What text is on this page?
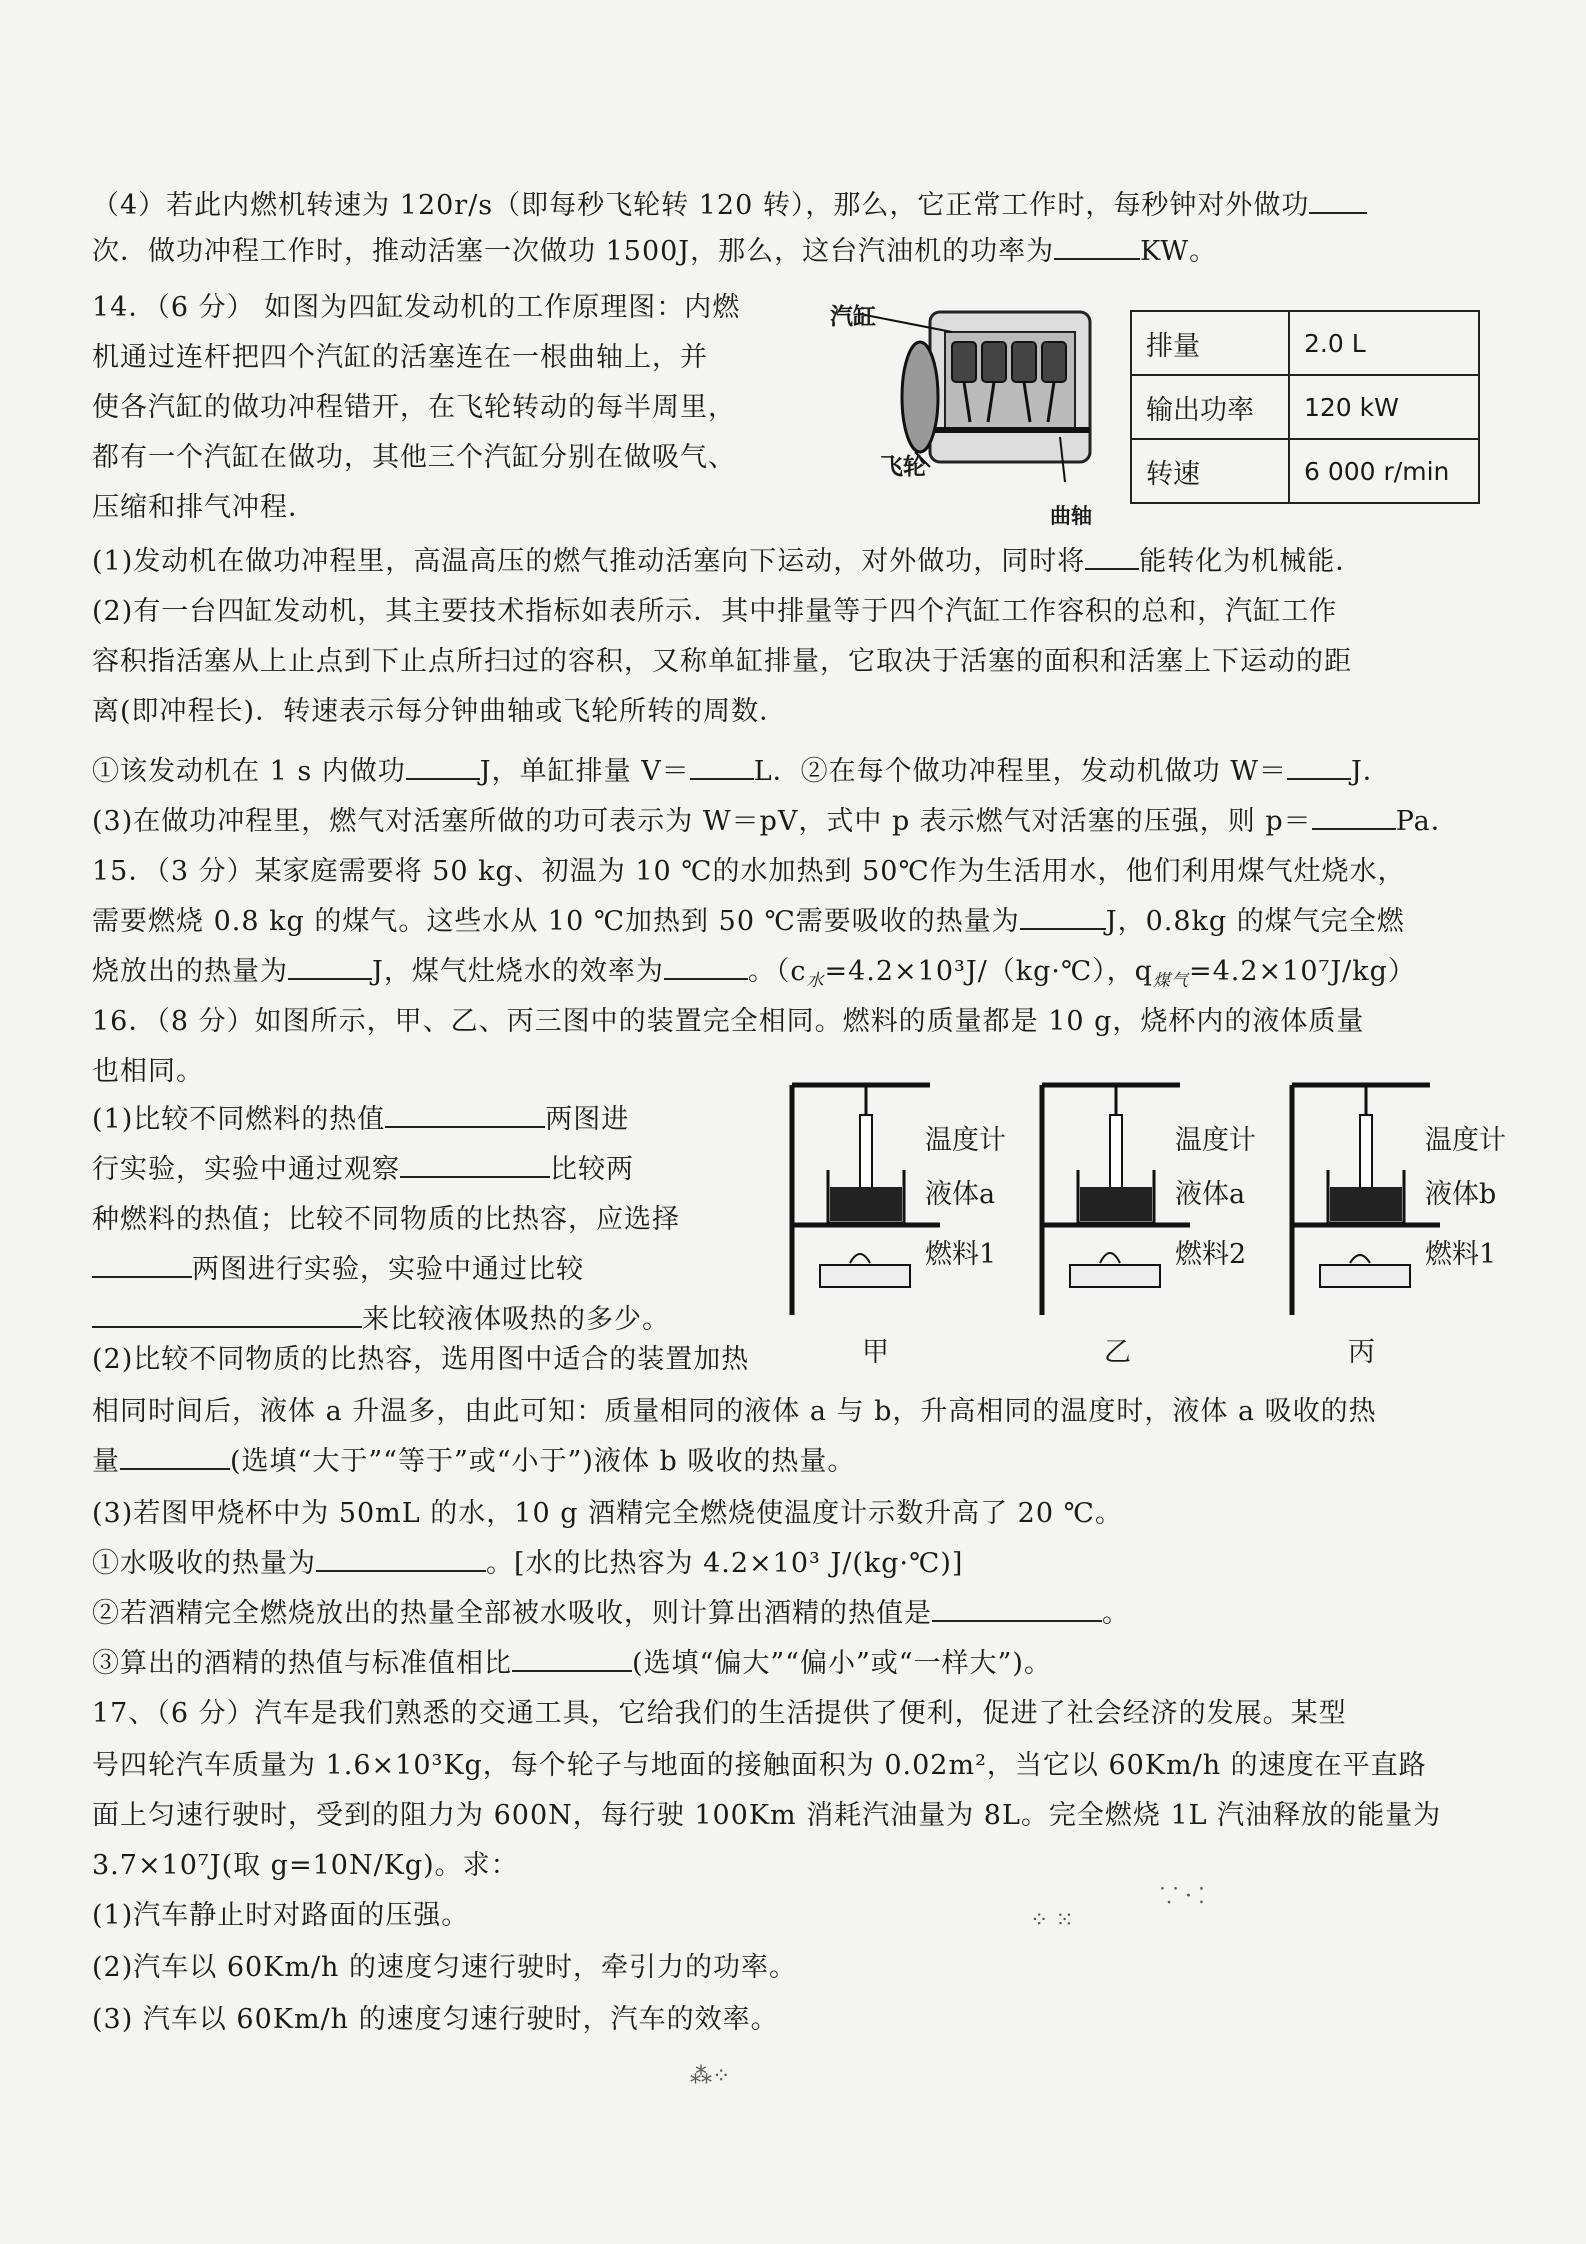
（4）若此内燃机转速为 120r/s（即每秒飞轮转 120 转），那么，它正常工作时，每秒钟对外做功
次．做功冲程工作时，推动活塞一次做功 1500J，那么，这台汽油机的功率为	KW。
14．（6 分） 如图为四缸发动机的工作原理图：内燃
机通过连杆把四个汽缸的活塞连在一根曲轴上，并
使各汽缸的做功冲程错开，在飞轮转动的每半周里，
都有一个汽缸在做功，其他三个汽缸分别在做吸气、
压缩和排气冲程．
汽缸
飞轮
曲轴
排量	2.0 L
输出功率	120 kW
转速	6 000 r/min
(1)发动机在做功冲程里，高温高压的燃气推动活塞向下运动，对外做功，同时将 能转化为机械能．
(2)有一台四缸发动机，其主要技术指标如表所示．其中排量等于四个汽缸工作容积的总和，汽缸工作
容积指活塞从上止点到下止点所扫过的容积，又称单缸排量，它取决于活塞的面积和活塞上下运动的距
离(即冲程长)．转速表示每分钟曲轴或飞轮所转的周数．
①该发动机在 1 s 内做功	J，单缸排量 V＝ L．②在每个做功冲程里，发动机做功 W＝ J．
(3)在做功冲程里，燃气对活塞所做的功可表示为 W＝pV，式中 p 表示燃气对活塞的压强，则 p＝	Pa．
15．（3 分）某家庭需要将 50 kg、初温为 10 ℃的水加热到 50℃作为生活用水，他们利用煤气灶烧水，
需要燃烧 0.8 kg 的煤气。这些水从 10 ℃加热到 50 ℃需要吸收的热量为	J，0.8kg 的煤气完全燃
烧放出的热量为	J，煤气灶烧水的效率为	。（$c_水=4.2\times 10^3J/(kg\cdot℃)$，$q_{煤气}=4.2\times 10^7J/kg$）
16．（8 分）如图所示，甲、乙、丙三图中的装置完全相同。燃料的质量都是 10 g，烧杯内的液体质量
也相同。
(1)比较不同燃料的热值	两图进
行实验，实验中通过观察	比较两
种燃料的热值；比较不同物质的比热容，应选择
两图进行实验，实验中通过比较
来比较液体吸热的多少。
温度计
液体a
燃料1
温度计
液体a
燃料2
温度计
液体b
燃料1
甲	乙	丙
(2)比较不同物质的比热容，选用图中适合的装置加热
相同时间后，液体 a 升温多，由此可知：质量相同的液体 a 与 b，升高相同的温度时，液体 a 吸收的热
量	(选填“大于”“等于”或“小于”)液体 b 吸收的热量。
(3)若图甲烧杯中为 50mL 的水，10 g 酒精完全燃烧使温度计示数升高了 20 ℃。
①水吸收的热量为	。[水的比热容为 4.2×10³ J/(kg·℃)]
②若酒精完全燃烧放出的热量全部被水吸收，则计算出酒精的热值是	。
③算出的酒精的热值与标准值相比	(选填“偏大”“偏小”或“一样大”)。
17、（6 分）汽车是我们熟悉的交通工具，它给我们的生活提供了便利，促进了社会经济的发展。某型
号四轮汽车质量为 1.6×10³Kg，每个轮子与地面的接触面积为 0.02m²，当它以 60Km/h 的速度在平直路
面上匀速行驶时，受到的阻力为 600N，每行驶 100Km 消耗汽油量为 8L。完全燃烧 1L 汽油释放的能量为
3.7×10⁷J(取 g=10N/Kg)。求：
(1)汽车静止时对路面的压强。
(2)汽车以 60Km/h 的速度匀速行驶时，牵引力的功率。
(3) 汽车以 60Km/h 的速度匀速行驶时，汽车的效率。
⁘ ⁙
⸪ · ⁚
⁂⁘
